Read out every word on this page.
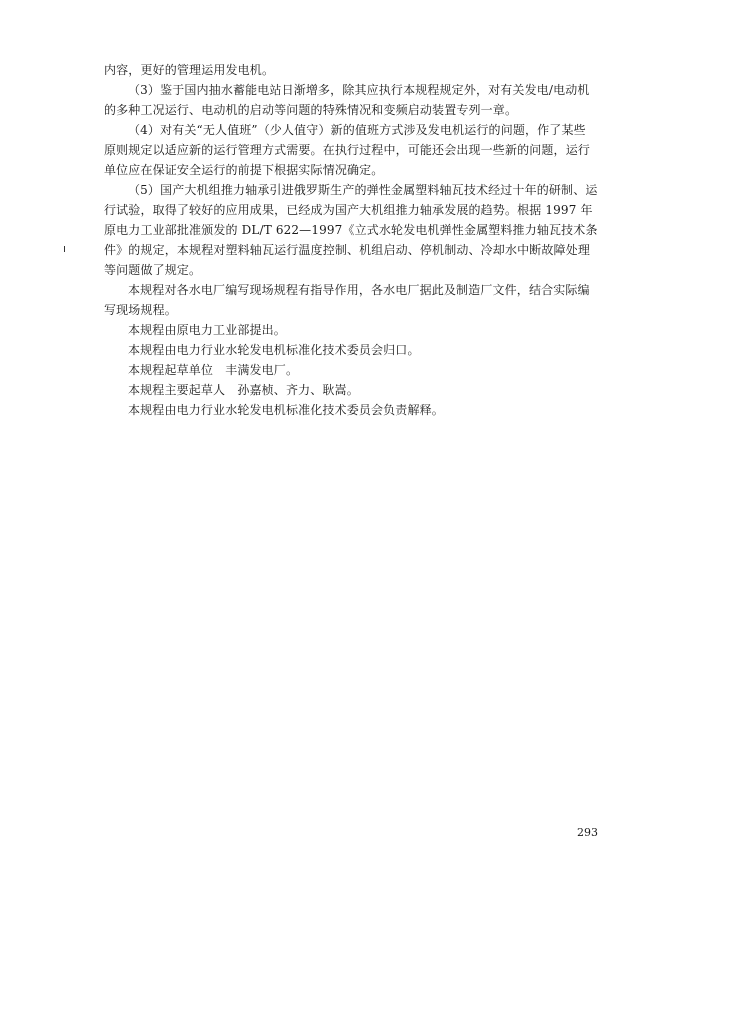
内容，更好的管理运用发电机。
（3）鉴于国内抽水蓄能电站日渐增多，除其应执行本规程规定外，对有关发电/电动机
的多种工况运行、电动机的启动等问题的特殊情况和变频启动装置专列一章。
（4）对有关“无人值班”（少人值守）新的值班方式涉及发电机运行的问题，作了某些
原则规定以适应新的运行管理方式需要。在执行过程中，可能还会出现一些新的问题，运行
单位应在保证安全运行的前提下根据实际情况确定。
（5）国产大机组推力轴承引进俄罗斯生产的弹性金属塑料轴瓦技术经过十年的研制、运
行试验，取得了较好的应用成果，已经成为国产大机组推力轴承发展的趋势。根据 1997 年
原电力工业部批准颁发的 DL/T 622—1997《立式水轮发电机弹性金属塑料推力轴瓦技术条
件》的规定，本规程对塑料轴瓦运行温度控制、机组启动、停机制动、冷却水中断故障处理
等问题做了规定。
本规程对各水电厂编写现场规程有指导作用，各水电厂据此及制造厂文件，结合实际编
写现场规程。
本规程由原电力工业部提出。
本规程由电力行业水轮发电机标准化技术委员会归口。
本规程起草单位　丰满发电厂。
本规程主要起草人　孙嘉桢、齐力、耿嵩。
本规程由电力行业水轮发电机标准化技术委员会负责解释。
293
